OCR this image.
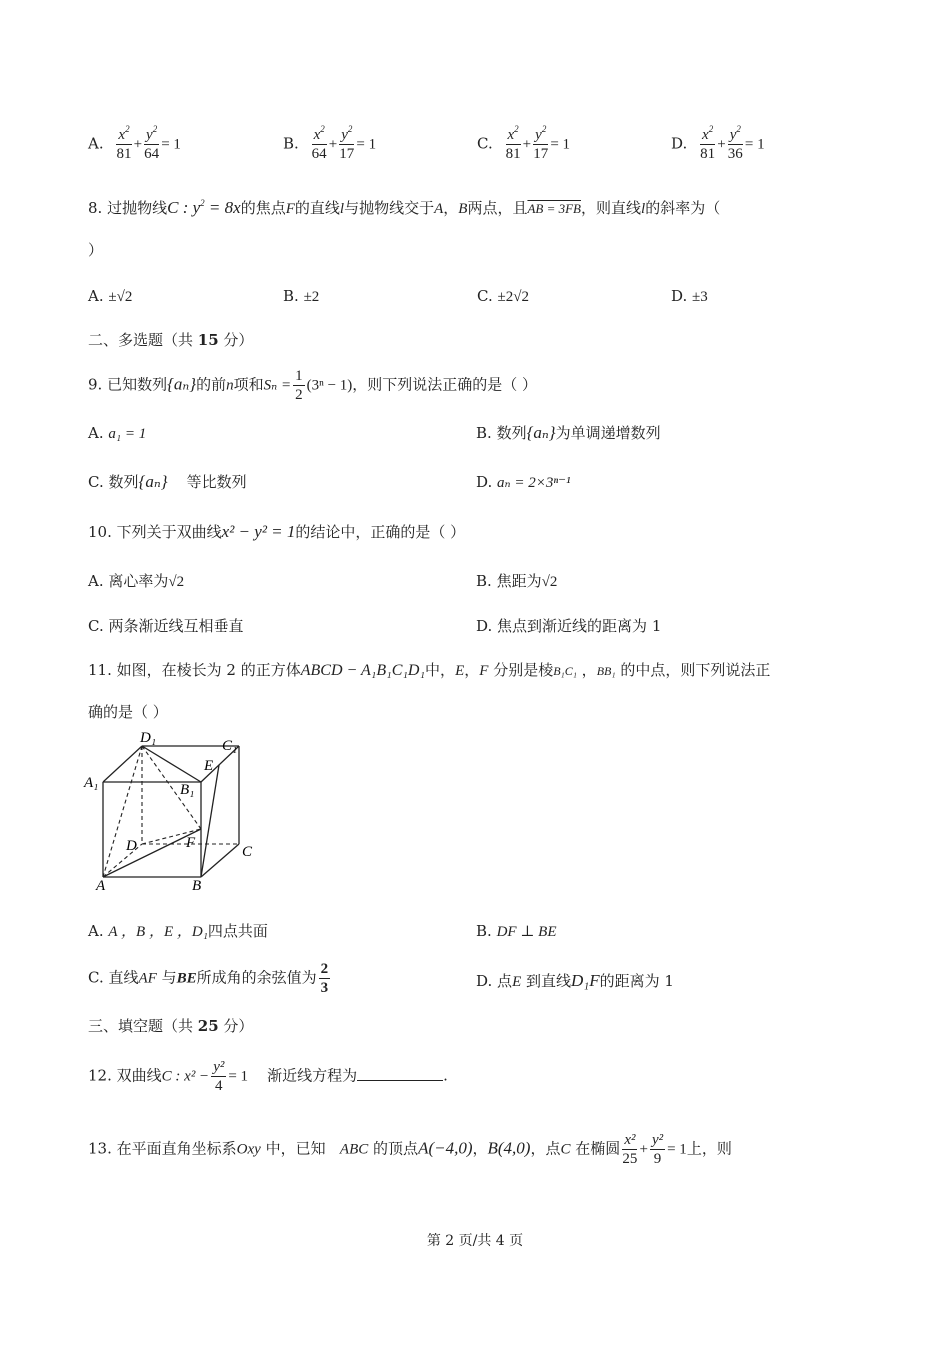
A. $\frac{x^2}{81} + \frac{y^2}{64} = 1$	B. $\frac{x^2}{64} + \frac{y^2}{17} = 1$	C. $\frac{x^2}{81} + \frac{y^2}{17} = 1$	D. $\frac{x^2}{81} + \frac{y^2}{36} = 1$
8. 过抛物线C : $y^2 = 8x$的焦点F的直线l与抛物线交于A，B两点，且AB = 3FB，则直线l的斜率为（
）
A. ±√2	B. ±2	C. ±2√2	D. ±3
二、多选题（共 15 分）
9. 已知数列{aₙ}的前n项和$S_n = \frac{1}{2} (3^n - 1)$，则下列说法正确的是（ ）
A. a₁ = 1	B. 数列{aₙ}为单调递增数列
C. 数列{aₙ} 等比数列	D. aₙ = 2×3ⁿ⁻¹
10. 下列关于双曲线x² − y² = 1的结论中，正确的是（ ）
A. 离心率为√2	B. 焦距为√2
C. 两条渐近线互相垂直	D. 焦点到渐近线的距离为 1
11. 如图，在棱长为 2 的正方体ABCD − A₁B₁C₁D₁中，E，F 分别是棱B₁C₁ ，BB₁ 的中点，则下列说法正
确的是（ ）
D₁	C₁
A₁
E
B₁
D	F
C
A	B
A. A ，B ，E ，D₁四点共面	B. DF ⊥ BE
C. 直线AF 与BE所成角的余弦值为 $\frac{2}{3}$	D. 点E 到直线D₁F的距离为 1
三、填空题（共 25 分）
12. 双曲线C : $x^2 - \frac{\text{y²}}{4} = 1$ 渐近线方程为	.
13. 在平面直角坐标系Oxy 中，已知 ABC 的顶点A(−4,0)，B(4,0)，点C 在椭圆 $\frac{\text{x²}}{25} + \frac{\text{y²}}{9} = 1$上，则
第 2 页/共 4 页
